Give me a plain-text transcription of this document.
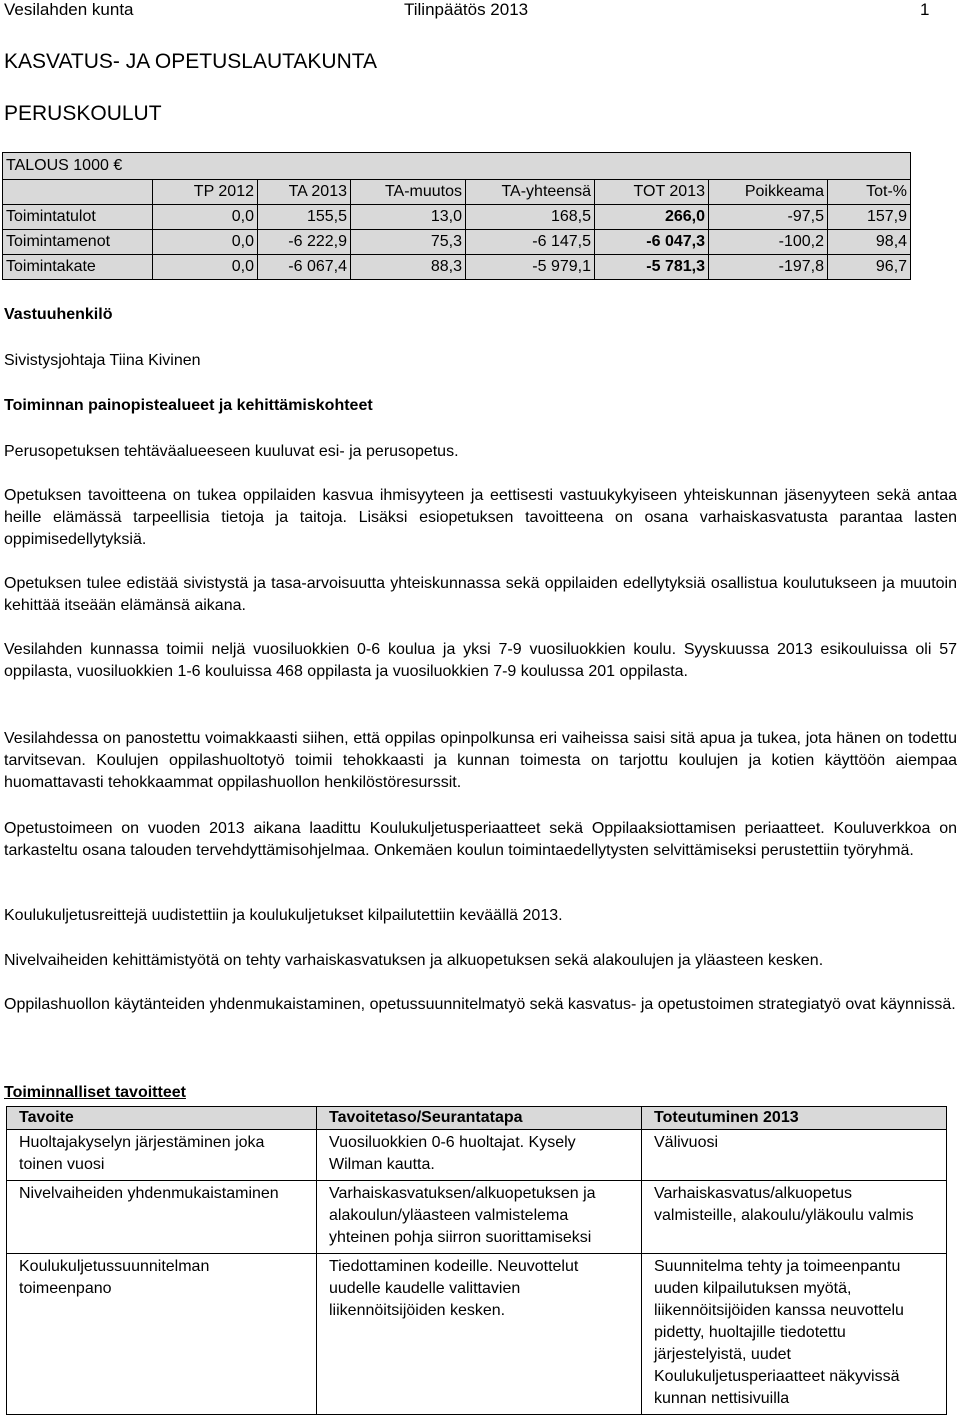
Vesilahden kunta	Tilinpäätös 2013	1
KASVATUS- JA OPETUSLAUTAKUNTA
PERUSKOULUT
TALOUS 1000 €							
	TP 2012	TA 2013	TA-muutos	TA-yhteensä	TOT 2013	Poikkeama	Tot-%
Toimintatulot	0,0	155,5	13,0	168,5	266,0	-97,5	157,9
Toimintamenot	0,0	-6 222,9	75,3	-6 147,5	-6 047,3	-100,2	98,4
Toimintakate	0,0	-6 067,4	88,3	-5 979,1	-5 781,3	-197,8	96,7
Vastuuhenkilö
Sivistysjohtaja Tiina Kivinen
Toiminnan painopistealueet ja kehittämiskohteet

Perusopetuksen tehtäväalueeseen kuuluvat esi- ja perusopetus.

Opetuksen tavoitteena on tukea oppilaiden kasvua ihmisyyteen ja eettisesti vastuukykyiseen yhteiskunnan jäsenyyteen sekä antaa heille elämässä tarpeellisia tietoja ja taitoja. Lisäksi esiopetuksen tavoitteena on osana varhaiskasvatusta parantaa lasten oppimisedellytyksiä.

Opetuksen tulee edistää sivistystä ja tasa-arvoisuutta yhteiskunnassa sekä oppilaiden edellytyksiä osallistua koulutukseen ja muutoin kehittää itseään elämänsä aikana.

Vesilahden kunnassa toimii neljä vuosiluokkien 0-6 koulua ja yksi 7-9 vuosiluokkien koulu. Syyskuussa 2013 esikouluissa oli 57 oppilasta, vuosiluokkien 1-6 kouluissa 468 oppilasta ja vuosiluokkien 7-9 koulussa 201 oppilasta.

Vesilahdessa on panostettu voimakkaasti siihen, että oppilas opinpolkunsa eri vaiheissa saisi sitä apua ja tukea, jota hänen on todettu tarvitsevan. Koulujen oppilashuoltotyö toimii tehokkaasti ja kunnan toimesta on tarjottu koulujen ja kotien käyttöön aiempaa huomattavasti tehokkaammat oppilashuollon henkilöstöresurssit.

Opetustoimeen on vuoden 2013 aikana laadittu Koulukuljetusperiaatteet sekä Oppilaaksiottamisen periaatteet. Kouluverkkoa on tarkasteltu osana talouden tervehdyttämisohjelmaa. Onkemäen koulun toimintaedellytysten selvittämiseksi perustettiin työryhmä.

Koulukuljetusreittejä uudistettiin ja koulukuljetukset kilpailutettiin keväällä 2013.

Nivelvaiheiden kehittämistyötä on tehty varhaiskasvatuksen ja alkuopetuksen sekä alakoulujen ja yläasteen kesken.

Oppilashuollon käytänteiden yhdenmukaistaminen, opetussuunnitelmatyö sekä kasvatus- ja opetustoimen strategiatyö ovat käynnissä.

Toiminnalliset tavoitteet
Tavoite	Tavoitetaso/Seurantatapa	Toteutuminen 2013
Huoltajakyselyn järjestäminen joka toinen vuosi	Vuosiluokkien 0-6 huoltajat. Kysely Wilman kautta.	Välivuosi
Nivelvaiheiden yhdenmukaistaminen	Varhaiskasvatuksen/alkuopetuksen ja alakoulun/yläasteen valmistelema yhteinen pohja siirron suorittamiseksi	Varhaiskasvatus/alkuopetus valmisteille, alakoulu/yläkoulu valmis
Koulukuljetussuunnitelman toimeenpano	Tiedottaminen kodeille. Neuvottelut uudelle kaudelle valittavien liikennöitsijöiden kesken.	Suunnitelma tehty ja toimeenpantu uuden kilpailutuksen myötä, liikennöitsijöiden kanssa neuvottelu pidetty, huoltajille tiedotettu järjestelyistä, uudet Koulukuljetusperiaatteet näkyvissä kunnan nettisivuilla
